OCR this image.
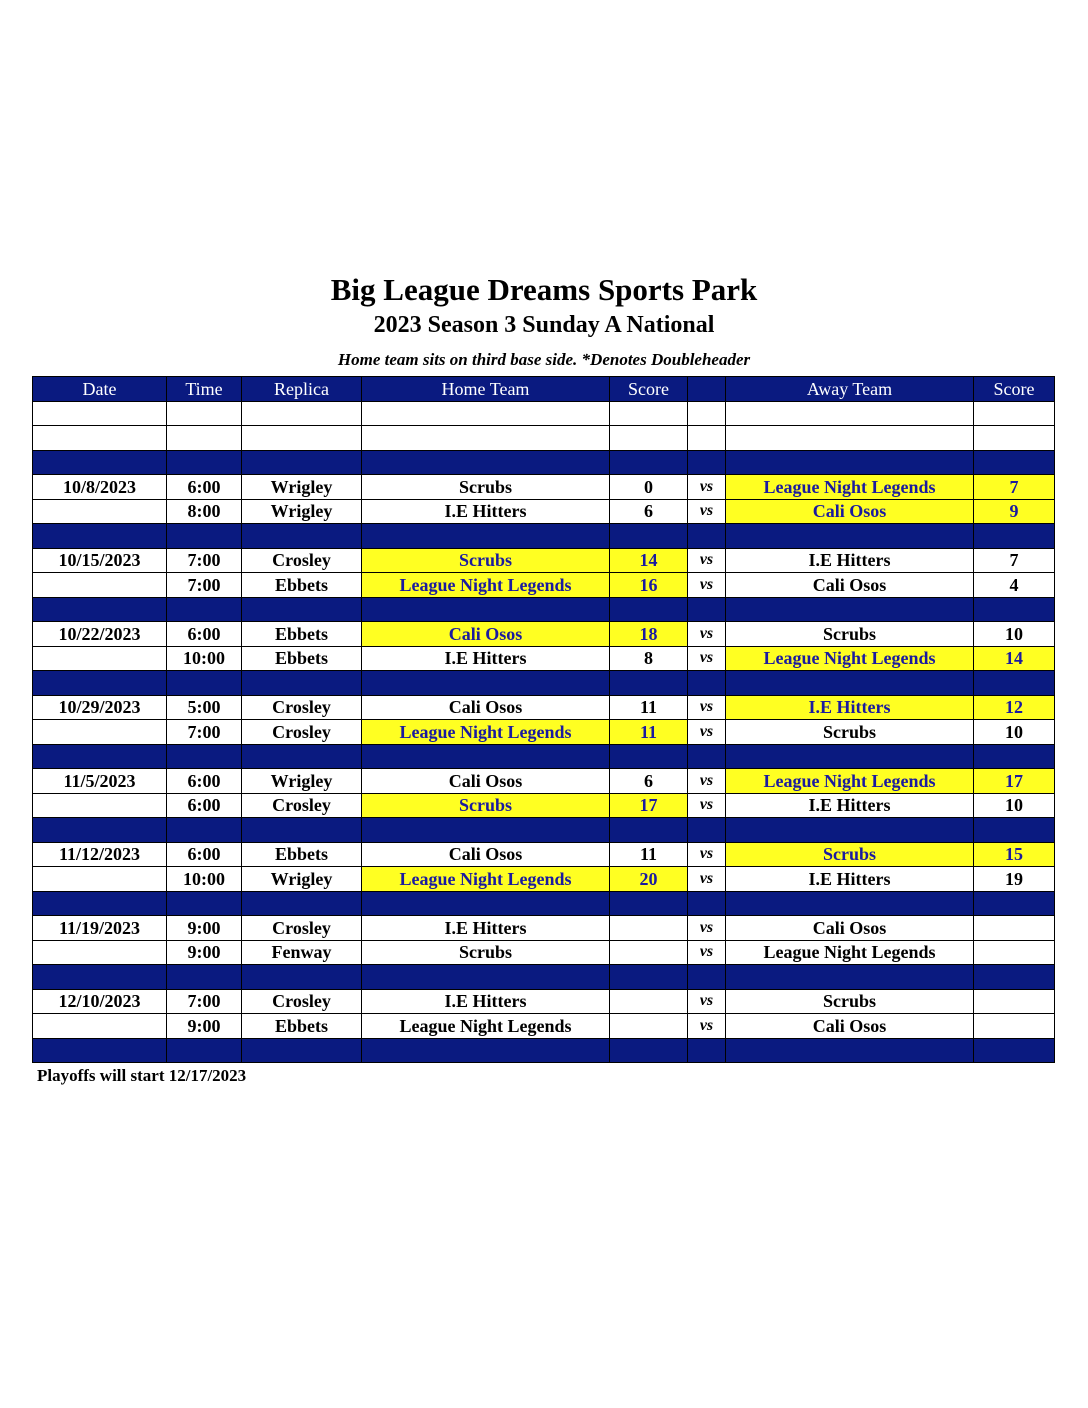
Big League Dreams Sports Park
2023 Season 3 Sunday A National
Home team sits on third base side. *Denotes Doubleheader
Date	Time	Replica	Home Team	Score		Away Team	Score

10/8/2023	6:00	Wrigley	Scrubs	0	vs	League Night Legends	7
	8:00	Wrigley	I.E Hitters	6	vs	Cali Osos	9

10/15/2023	7:00	Crosley	Scrubs	14	vs	I.E Hitters	7
	7:00	Ebbets	League Night Legends	16	vs	Cali Osos	4

10/22/2023	6:00	Ebbets	Cali Osos	18	vs	Scrubs	10
	10:00	Ebbets	I.E Hitters	8	vs	League Night Legends	14

10/29/2023	5:00	Crosley	Cali Osos	11	vs	I.E Hitters	12
	7:00	Crosley	League Night Legends	11	vs	Scrubs	10

11/5/2023	6:00	Wrigley	Cali Osos	6	vs	League Night Legends	17
	6:00	Crosley	Scrubs	17	vs	I.E Hitters	10

11/12/2023	6:00	Ebbets	Cali Osos	11	vs	Scrubs	15
	10:00	Wrigley	League Night Legends	20	vs	I.E Hitters	19

11/19/2023	9:00	Crosley	I.E Hitters		vs	Cali Osos	
	9:00	Fenway	Scrubs		vs	League Night Legends	

12/10/2023	7:00	Crosley	I.E Hitters		vs	Scrubs	
	9:00	Ebbets	League Night Legends		vs	Cali Osos	

Playoffs will start 12/17/2023
